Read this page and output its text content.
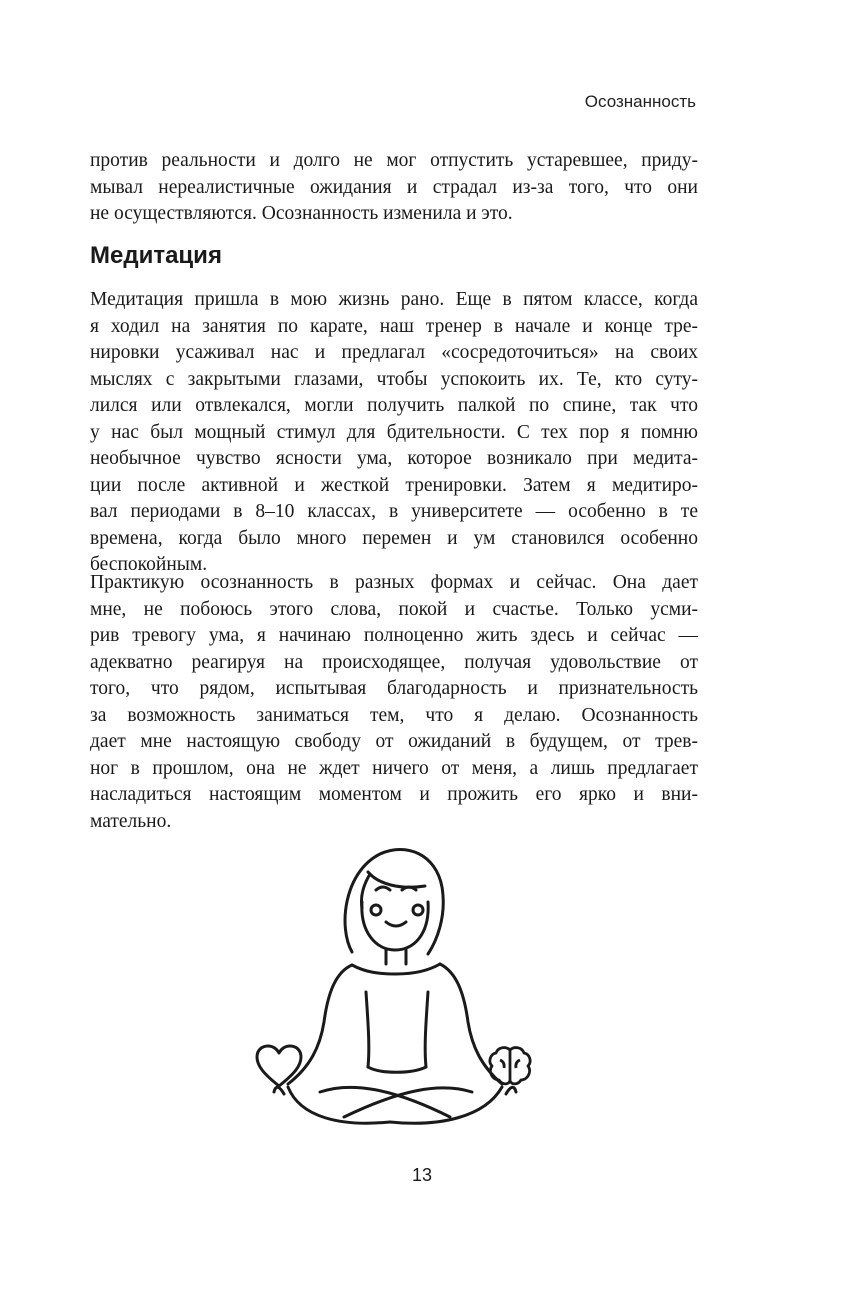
Осознанность
против реальности и долго не мог отпустить устаревшее, приду-
мывал нереалистичные ожидания и страдал из-за того, что они
не осуществляются. Осознанность изменила и это.
Медитация
Медитация пришла в мою жизнь рано. Еще в пятом классе, когда
я ходил на занятия по карате, наш тренер в начале и конце тре-
нировки усаживал нас и предлагал «сосредоточиться» на своих
мыслях с закрытыми глазами, чтобы успокоить их. Те, кто суту-
лился или отвлекался, могли получить палкой по спине, так что
у нас был мощный стимул для бдительности. С тех пор я помню
необычное чувство ясности ума, которое возникало при медита-
ции после активной и жесткой тренировки. Затем я медитиро-
вал периодами в 8–10 классах, в университете — особенно в те
времена, когда было много перемен и ум становился особенно
беспокойным.
Практикую осознанность в разных формах и сейчас. Она дает
мне, не побоюсь этого слова, покой и счастье. Только усми-
рив тревогу ума, я начинаю полноценно жить здесь и сейчас —
адекватно реагируя на происходящее, получая удовольствие от
того, что рядом, испытывая благодарность и признательность
за возможность заниматься тем, что я делаю. Осознанность
дает мне настоящую свободу от ожиданий в будущем, от трев-
ног в прошлом, она не ждет ничего от меня, а лишь предлагает
насладиться настоящим моментом и прожить его ярко и вни-
мательно.
13
